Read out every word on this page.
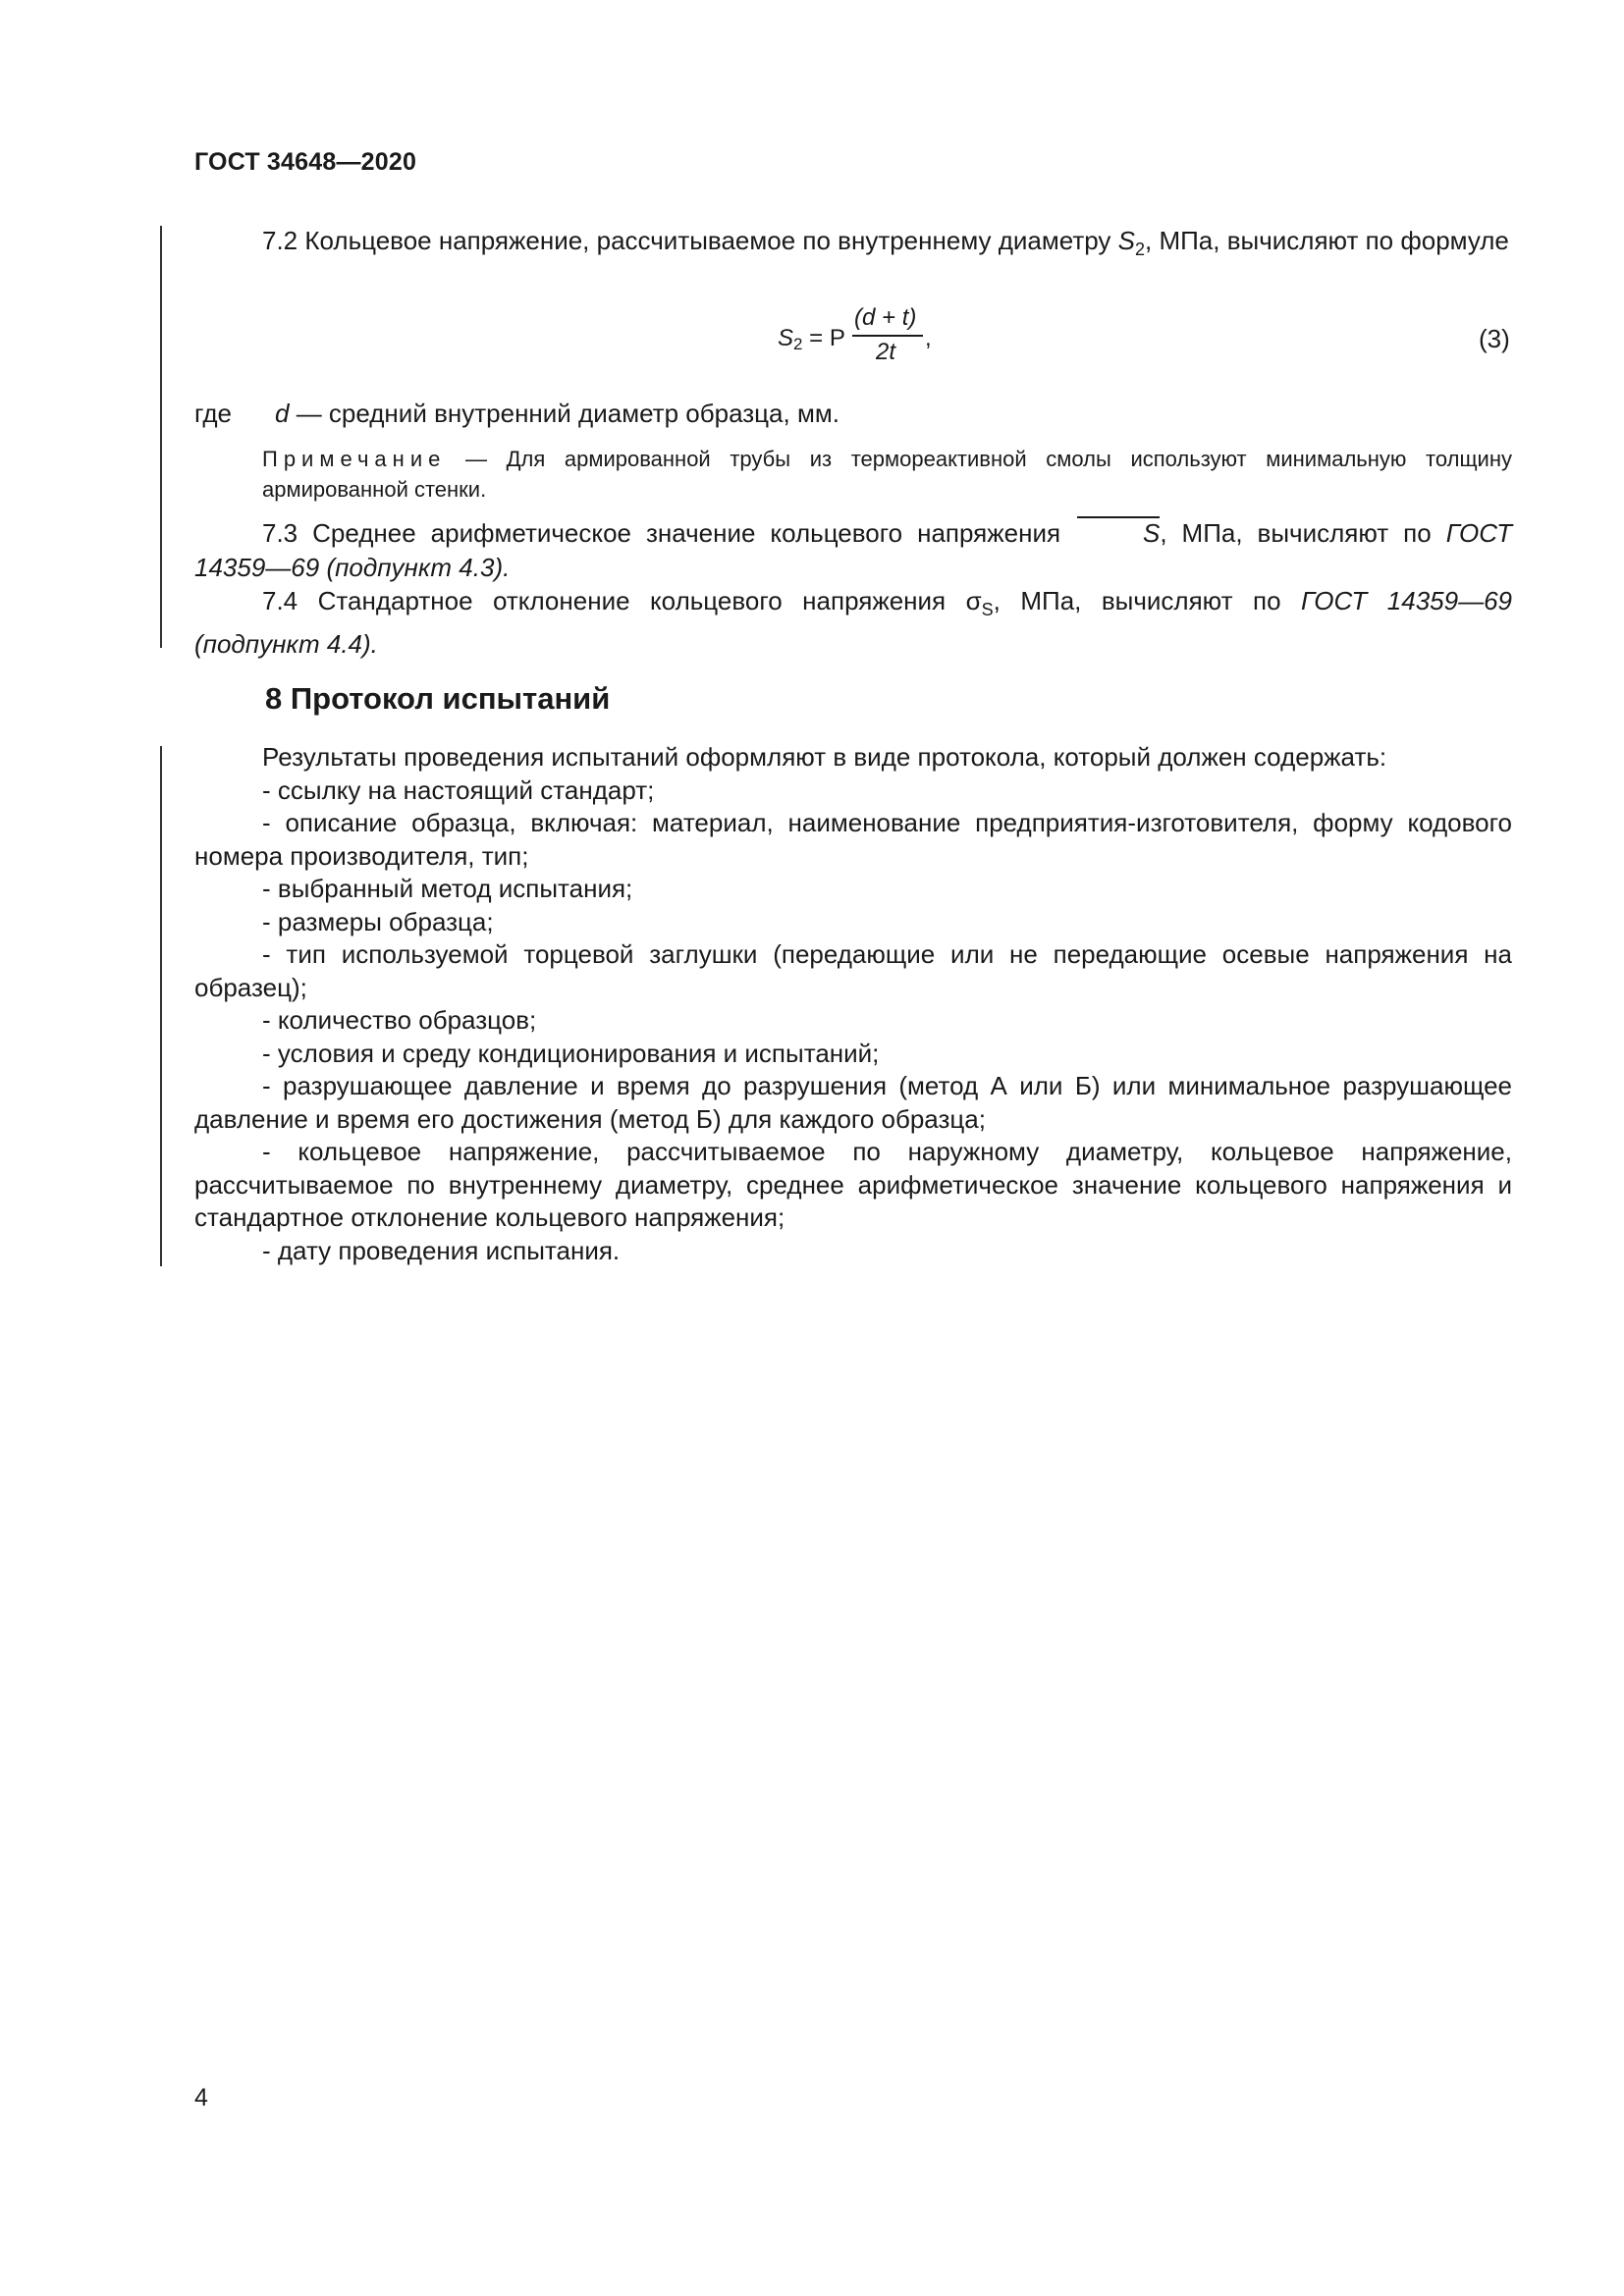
ГОСТ 34648—2020

7.2 Кольцевое напряжение, рассчитываемое по внутреннему диаметру $S_2$, МПа, вычисляют по формуле

$S_2 = P$
(d + t)
2t
,	(3)
где d — средний внутренний диаметр образца, мм.
Примечание — Для армированной трубы из термореактивной смолы используют минимальную толщину армированной стенки.

7.3 Среднее арифметическое значение кольцевого напряжения	S, МПа, вычисляют по ГОСТ 14359—69 (подпункт 4.3).

7.4 Стандартное отклонение кольцевого напряжения $\sigma_S$, МПа, вычисляют по ГОСТ 14359—69 (подпункт 4.4).

8 Протокол испытаний
Результаты проведения испытаний оформляют в виде протокола, который должен содержать:
- ссылку на настоящий стандарт;
- описание образца, включая: материал, наименование предприятия-изготовителя, форму кодового номера производителя, тип;
- выбранный метод испытания;
- размеры образца;
- тип используемой торцевой заглушки (передающие или не передающие осевые напряжения на образец);
- количество образцов;
- условия и среду кондиционирования и испытаний;
- разрушающее давление и время до разрушения (метод А или Б) или минимальное разрушающее давление и время его достижения (метод Б) для каждого образца;
- кольцевое напряжение, рассчитываемое по наружному диаметру, кольцевое напряжение, рассчитываемое по внутреннему диаметру, среднее арифметическое значение кольцевого напряжения и стандартное отклонение кольцевого напряжения;
- дату проведения испытания.
4
